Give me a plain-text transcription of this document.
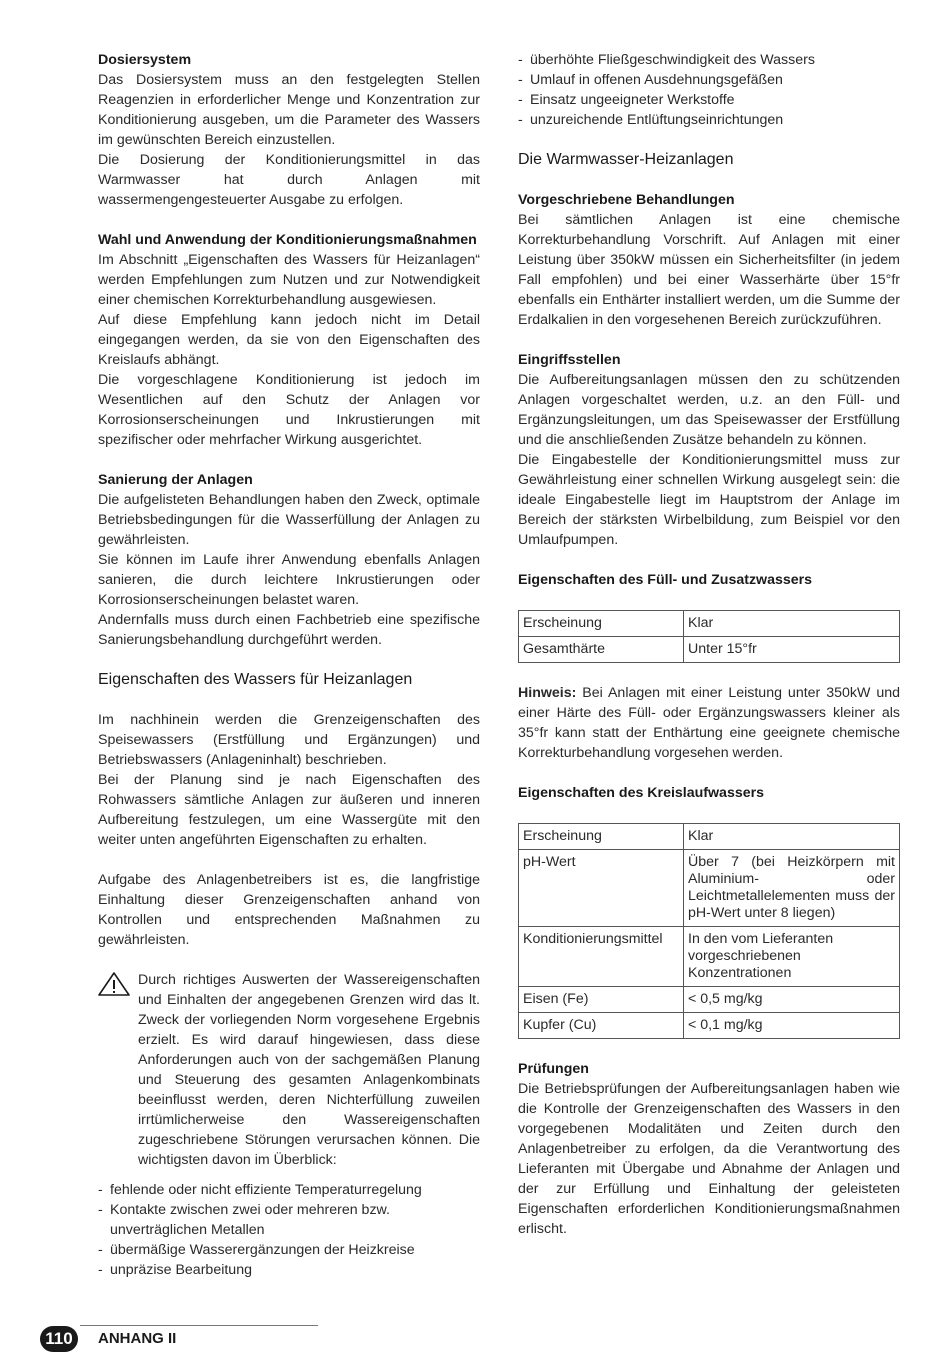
Dosiersystem

Das Dosiersystem muss an den festgelegten Stellen Reagenzien in erforderlicher Menge und Konzentration zur Konditionierung ausgeben, um die Parameter des Wassers im gewünschten Bereich einzustellen.

Die Dosierung der Konditionierungsmittel in das Warmwasser hat durch Anlagen mit wassermengengesteuerter Ausgabe zu erfolgen.

Wahl und Anwendung der Konditionierungsmaßnahmen

Im Abschnitt „Eigenschaften des Wassers für Heizanlagen“ werden Empfehlungen zum Nutzen und zur Notwendigkeit einer chemischen Korrekturbehandlung ausgewiesen.

Auf diese Empfehlung kann jedoch nicht im Detail eingegangen werden, da sie von den Eigenschaften des Kreislaufs abhängt.

Die vorgeschlagene Konditionierung ist jedoch im Wesentlichen auf den Schutz der Anlagen vor Korrosionserscheinungen und Inkrustierungen mit spezifischer oder mehrfacher Wirkung ausgerichtet.

Sanierung der Anlagen

Die aufgelisteten Behandlungen haben den Zweck, optimale Betriebsbedingungen für die Wasserfüllung der Anlagen zu gewährleisten.

Sie können im Laufe ihrer Anwendung ebenfalls Anlagen sanieren, die durch leichtere Inkrustierungen oder Korrosionserscheinungen belastet waren.

Andernfalls muss durch einen Fachbetrieb eine spezifische Sanierungsbehandlung durchgeführt werden.

Eigenschaften des Wassers für Heizanlagen

Im nachhinein werden die Grenzeigenschaften des Speisewassers (Erstfüllung und Ergänzungen) und Betriebswassers (Anlageninhalt) beschrieben.

Bei der Planung sind je nach Eigenschaften des Rohwassers sämtliche Anlagen zur äußeren und inneren Aufbereitung festzulegen, um eine Wassergüte mit den weiter unten angeführten Eigenschaften zu erhalten.

Aufgabe des Anlagenbetreibers ist es, die langfristige Einhaltung dieser Grenzeigenschaften anhand von Kontrollen und entsprechenden Maßnahmen zu gewährleisten.

Durch richtiges Auswerten der Wassereigenschaften und Einhalten der angegebenen Grenzen wird das lt. Zweck der vorliegenden Norm vorgesehene Ergebnis erzielt. Es wird darauf hingewiesen, dass diese Anforderungen auch von der sachgemäßen Planung und Steuerung des gesamten Anlagenkombinats beeinflusst werden, deren Nichterfüllung zuweilen irrtümlicherweise den Wassereigenschaften zugeschriebene Störungen verursachen können. Die wichtigsten davon im Überblick:

- fehlende oder nicht effiziente Temperaturregelung
- Kontakte zwischen zwei oder mehreren bzw. unverträglichen Metallen
- übermäßige Wasserergänzungen der Heizkreise
- unpräzise Bearbeitung
- überhöhte Fließgeschwindigkeit des Wassers
- Umlauf in offenen Ausdehnungsgefäßen
- Einsatz ungeeigneter Werkstoffe
- unzureichende Entlüftungseinrichtungen
Die Warmwasser-Heizanlagen
Vorgeschriebene Behandlungen

Bei sämtlichen Anlagen ist eine chemische Korrekturbehandlung Vorschrift. Auf Anlagen mit einer Leistung über 350kW müssen ein Sicherheitsfilter (in jedem Fall empfohlen) und bei einer Wasserhärte über 15°fr ebenfalls ein Enthärter installiert werden, um die Summe der Erdalkalien in den vorgesehenen Bereich zurückzuführen.

Eingriffsstellen

Die Aufbereitungsanlagen müssen den zu schützenden Anlagen vorgeschaltet werden, u.z. an den Füll- und Ergänzungsleitungen, um das Speisewasser der Erstfüllung und die anschließenden Zusätze behandeln zu können.

Die Eingabestelle der Konditionierungsmittel muss zur Gewährleistung einer schnellen Wirkung ausgelegt sein: die ideale Eingabestelle liegt im Hauptstrom der Anlage im Bereich der stärksten Wirbelbildung, zum Beispiel vor den Umlaufpumpen.

Eigenschaften des Füll- und Zusatzwassers
Erscheinung	Klar
Gesamthärte	Unter 15°fr

Hinweis: Bei Anlagen mit einer Leistung unter 350kW und einer Härte des Füll- oder Ergänzungswassers kleiner als 35°fr kann statt der Enthärtung eine geeignete chemische Korrekturbehandlung vorgesehen werden.

Eigenschaften des Kreislaufwassers
Erscheinung	Klar
pH-Wert	Über 7 (bei Heizkörpern mit Aluminium- oder Leichtmetallelementen muss der pH-Wert unter 8 liegen)
Konditionierungsmittel	In den vom Lieferanten vorgeschriebenen Konzentrationen
Eisen (Fe)	< 0,5 mg/kg
Kupfer (Cu)	< 0,1 mg/kg
Prüfungen

Die Betriebsprüfungen der Aufbereitungsanlagen haben wie die Kontrolle der Grenzeigenschaften des Wassers in den vorgegebenen Modalitäten und Zeiten durch den Anlagenbetreiber zu erfolgen, da die Verantwortung des Lieferanten mit Übergabe und Abnahme der Anlagen und der zur Erfüllung und Einhaltung der geleisteten Eigenschaften erforderlichen Konditionierungsmaßnahmen erlischt.

110	ANHANG II
